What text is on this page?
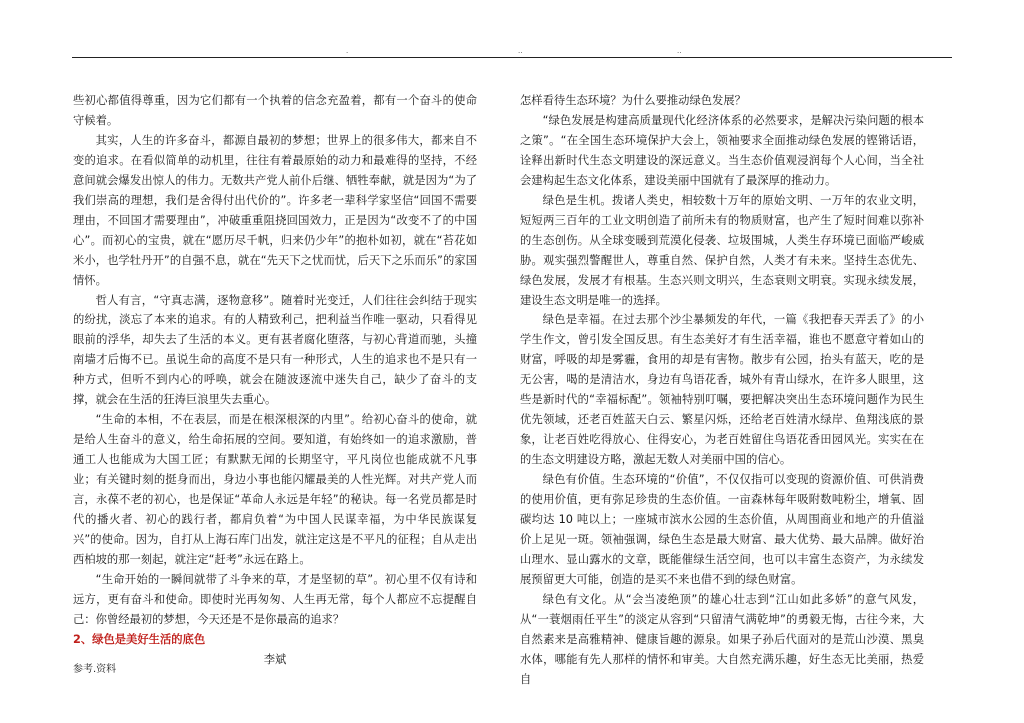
·	··	··

些初心都值得尊重，因为它们都有一个执着的信念充盈着，都有一个奋斗的使命守候着。

其实，人生的许多奋斗，都源自最初的梦想；世界上的很多伟大，都来自不变的追求。在看似简单的动机里，往往有着最原始的动力和最难得的坚持，不经意间就会爆发出惊人的伟力。无数共产党人前仆后继、牺牲奉献，就是因为“为了我们崇高的理想，我们是舍得付出代价的”。许多老一辈科学家坚信“回国不需要理由，不回国才需要理由”，冲破重重阻挠回国效力，正是因为“改变不了的中国心”。而初心的宝贵，就在“愿历尽千帆，归来仍少年”的抱朴如初，就在“苔花如米小，也学牡丹开”的自强不息，就在“先天下之忧而忧，后天下之乐而乐”的家国情怀。

哲人有言，“守真志满，逐物意移”。随着时光变迁，人们往往会纠结于现实的纷扰，淡忘了本来的追求。有的人精致利己，把利益当作唯一驱动，只看得见眼前的浮华，却失去了生活的本义。更有甚者腐化堕落，与初心背道而驰，头撞南墙才后悔不已。虽说生命的高度不是只有一种形式，人生的追求也不是只有一种方式，但听不到内心的呼唤，就会在随波逐流中迷失自己，缺少了奋斗的支撑，就会在生活的狂涛巨浪里失去重心。

“生命的本相，不在表层，而是在根深根深的内里”。给初心奋斗的使命，就是给人生奋斗的意义，给生命拓展的空间。要知道，有始终如一的追求激励，普通工人也能成为大国工匠；有默默无闻的长期坚守，平凡岗位也能成就不凡事业；有关键时刻的挺身而出，身边小事也能闪耀最美的人性光辉。对共产党人而言，永葆不老的初心，也是保证“革命人永远是年轻”的秘诀。每一名党员都是时代的播火者、初心的践行者，都肩负着“为中国人民谋幸福，为中华民族谋复兴”的使命。因为，自打从上海石库门出发，就注定这是不平凡的征程；自从走出西柏坡的那一刻起，就注定“赶考”永远在路上。

“生命开始的一瞬间就带了斗争来的草，才是坚韧的草”。初心里不仅有诗和远方，更有奋斗和使命。即使时光再匆匆、人生再无常，每个人都应不忘提醒自己：你曾经最初的梦想，今天还是不是你最高的追求？

2、绿色是美好生活的底色

李斌

怎样看待生态环境？为什么要推动绿色发展？

“绿色发展是构建高质量现代化经济体系的必然要求，是解决污染问题的根本之策”。“在全国生态环境保护大会上，领袖要求全面推动绿色发展的铿锵话语，诠释出新时代生态文明建设的深远意义。当生态价值观浸润每个人心间，当全社会建构起生态文化体系，建设美丽中国就有了最深厚的推动力。

绿色是生机。拨诸人类史，相较数十万年的原始文明、一万年的农业文明，短短两三百年的工业文明创造了前所未有的物质财富，也产生了短时间难以弥补的生态创伤。从全球变暖到荒漠化侵袭、垃圾围城，人类生存环境已面临严峻威胁。观实强烈警醒世人，尊重自然、保护自然，人类才有未来。坚持生态优先、绿色发展，发展才有根基。生态兴则文明兴，生态衰则文明衰。实现永续发展，建设生态文明是唯一的选择。

绿色是幸福。在过去那个沙尘暴频发的年代，一篇《我把春天弄丢了》的小学生作文，曾引发全国反思。有生态美好才有生活幸福，谁也不愿意守着如山的财富，呼吸的却是雾霾，食用的却是有害物。散步有公园，抬头有蓝天，吃的是无公害，喝的是清洁水，身边有鸟语花香，城外有青山绿水，在许多人眼里，这些是新时代的“幸福标配”。领袖特别叮嘱，要把解决突出生态环境问题作为民生优先领域，还老百姓蓝天白云、繁星闪烁，还给老百姓清水绿岸、鱼翔浅底的景象，让老百姓吃得放心、住得安心，为老百姓留住鸟语花香田园风光。实实在在的生态文明建设方略，激起无数人对美丽中国的信心。

绿色有价值。生态环境的“价值”，不仅仅指可以变现的资源价值、可供消费的使用价值，更有弥足珍贵的生态价值。一亩森林每年吸附数吨粉尘，增氧、固碳均达 10 吨以上；一座城市滨水公园的生态价值，从周围商业和地产的升值溢价上足见一斑。领袖强调，绿色生态是最大财富、最大优势、最大品牌。做好治山理水、显山露水的文章，既能催绿生活空间，也可以丰富生态资产，为永续发展预留更大可能，创造的是买不来也借不到的绿色财富。

绿色有文化。从“会当凌绝顶”的雄心壮志到“江山如此多娇”的意气风发，从“一蓑烟雨任平生”的淡定从容到“只留清气满乾坤”的勇毅无悔，古往今来，大自然素来是高雅精神、健康旨趣的源泉。如果子孙后代面对的是荒山沙漠、黑臭水体，哪能有先人那样的情怀和审美。大自然充满乐趣，好生态无比美丽，热爱自

参考.资料
